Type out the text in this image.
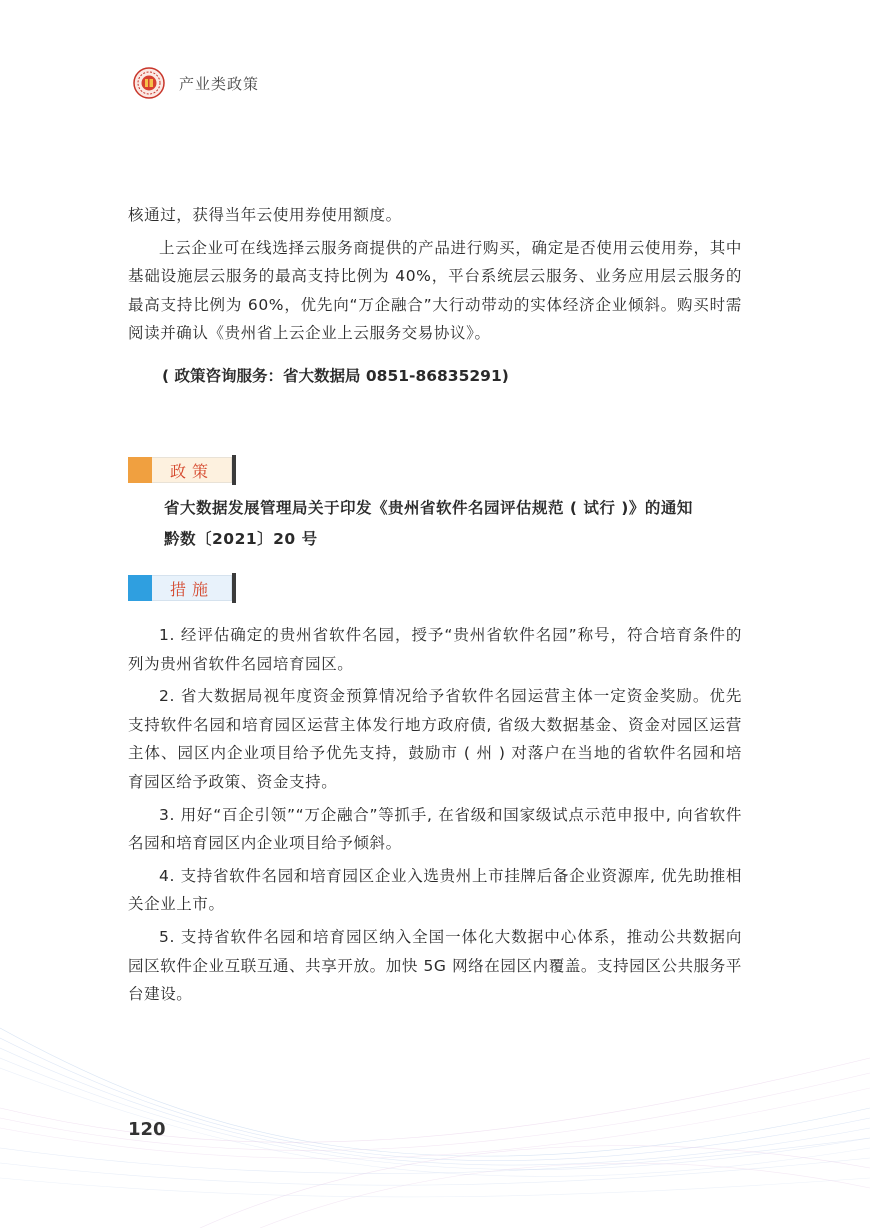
产业类政策

核通过，获得当年云使用券使用额度。

上云企业可在线选择云服务商提供的产品进行购买，确定是否使用云使用券，其中基础设施层云服务的最高支持比例为 40%，平台系统层云服务、业务应用层云服务的最高支持比例为 60%，优先向“万企融合”大行动带动的实体经济企业倾斜。购买时需阅读并确认《贵州省上云企业上云服务交易协议》。

( 政策咨询服务：省大数据局 0851-86835291)
政策
省大数据发展管理局关于印发《贵州省软件名园评估规范 ( 试行 )》的通知
黔数〔2021〕20 号
措施

1. 经评估确定的贵州省软件名园，授予“贵州省软件名园”称号，符合培育条件的列为贵州省软件名园培育园区。

2. 省大数据局视年度资金预算情况给予省软件名园运营主体一定资金奖励。优先支持软件名园和培育园区运营主体发行地方政府债, 省级大数据基金、资金对园区运营主体、园区内企业项目给予优先支持，鼓励市 ( 州 ) 对落户在当地的省软件名园和培育园区给予政策、资金支持。

3. 用好“百企引领”“万企融合”等抓手, 在省级和国家级试点示范申报中, 向省软件名园和培育园区内企业项目给予倾斜。

4. 支持省软件名园和培育园区企业入选贵州上市挂牌后备企业资源库, 优先助推相关企业上市。

5. 支持省软件名园和培育园区纳入全国一体化大数据中心体系，推动公共数据向园区软件企业互联互通、共享开放。加快 5G 网络在园区内覆盖。支持园区公共服务平台建设。

120
